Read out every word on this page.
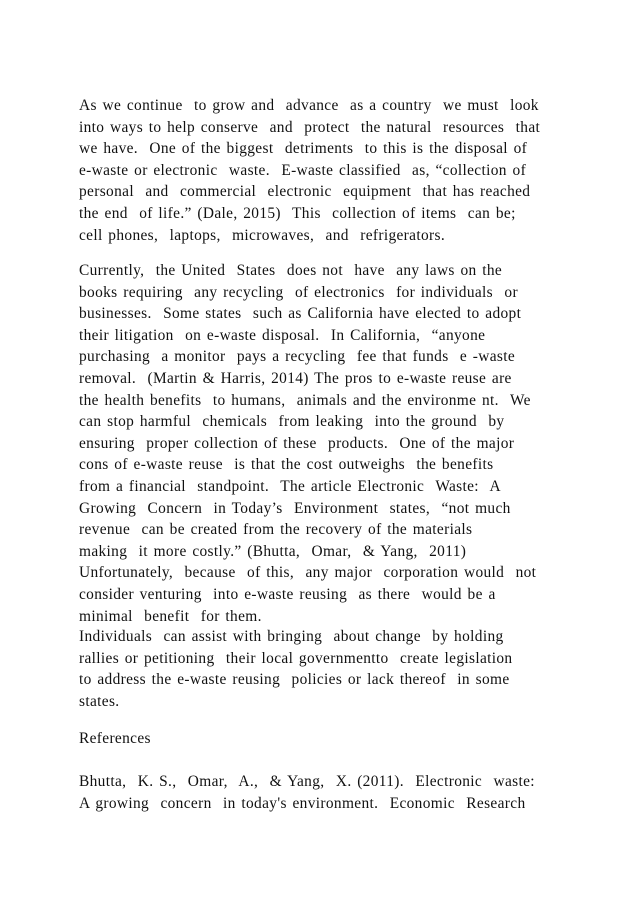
As we continue  to grow and  advance  as a country  we must  look
into ways to help conserve  and  protect  the natural  resources  that
we have.  One of the biggest  detriments  to this is the disposal of
e-waste or electronic  waste.  E-waste classified  as, “collection of
personal  and  commercial  electronic  equipment  that has reached
the end  of life.” (Dale, 2015)  This  collection of items  can be;
cell phones,  laptops,  microwaves,  and  refrigerators.
Currently,  the United  States  does not  have  any laws on the
books requiring  any recycling  of electronics  for individuals  or
businesses.  Some states  such as California have elected to adopt
their litigation  on e-waste disposal.  In California,  “anyone
purchasing  a monitor  pays a recycling  fee that funds  e -waste
removal.  (Martin & Harris, 2014) The pros to e-waste reuse are
the health benefits  to humans,  animals and the environme nt.  We
can stop harmful  chemicals  from leaking  into the ground  by
ensuring  proper collection of these  products.  One of the major
cons of e-waste reuse  is that the cost outweighs  the benefits
from a financial  standpoint.  The article Electronic  Waste:  A
Growing  Concern  in Today’s  Environment  states,  “not much
revenue  can be created from the recovery of the materials
making  it more costly.” (Bhutta,  Omar,  & Yang,  2011)
Unfortunately,  because  of this,  any major  corporation would  not
consider venturing  into e-waste reusing  as there  would be a
minimal  benefit  for them.
Individuals  can assist with bringing  about change  by holding
rallies or petitioning  their local governmentto  create legislation
to address the e-waste reusing  policies or lack thereof  in some
states.
References
Bhutta,  K. S.,  Omar,  A.,  & Yang,  X. (2011).  Electronic  waste:
A growing  concern  in today's environment.  Economic  Research
